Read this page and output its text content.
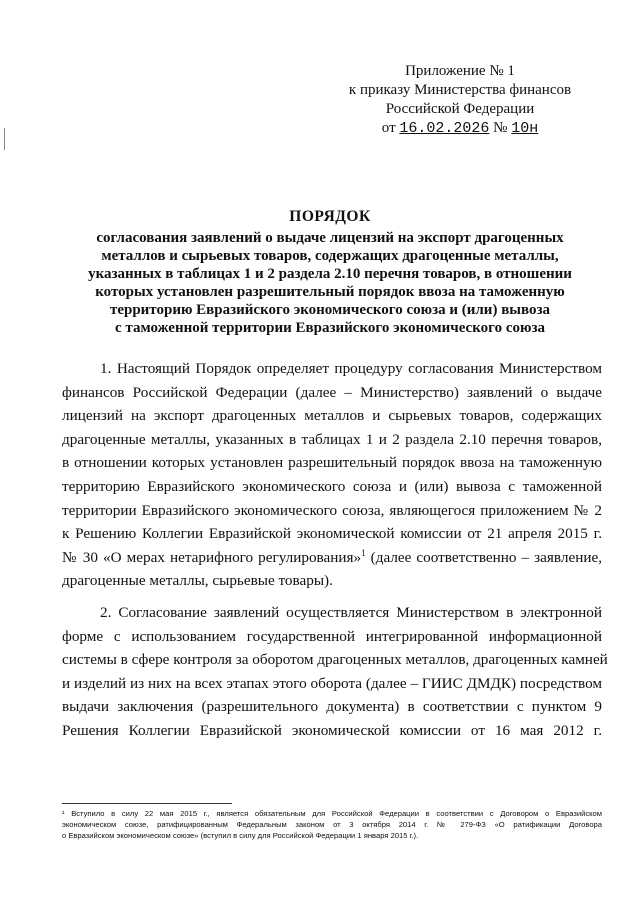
Приложение № 1
к приказу Министерства финансов
Российской Федерации
от 16.02.2026 № 10н
ПОРЯДОК
согласования заявлений о выдаче лицензий на экспорт драгоценных
металлов и сырьевых товаров, содержащих драгоценные металлы,
указанных в таблицах 1 и 2 раздела 2.10 перечня товаров, в отношении
которых установлен разрешительный порядок ввоза на таможенную
территорию Евразийского экономического союза и (или) вывоза
с таможенной территории Евразийского экономического союза
1. Настоящий Порядок определяет процедуру согласования Министерством
финансов Российской Федерации (далее – Министерство) заявлений о выдаче
лицензий на экспорт драгоценных металлов и сырьевых товаров, содержащих
драгоценные металлы, указанных в таблицах 1 и 2 раздела 2.10 перечня товаров,
в отношении которых установлен разрешительный порядок ввоза на таможенную
территорию Евразийского экономического союза и (или) вывоза с таможенной
территории Евразийского экономического союза, являющегося приложением № 2
к Решению Коллегии Евразийской экономической комиссии от 21 апреля 2015 г.
№ 30 «О мерах нетарифного регулирования»$^1$ (далее соответственно – заявление,
драгоценные металлы, сырьевые товары).
2. Согласование заявлений осуществляется Министерством в электронной
форме с использованием государственной интегрированной информационной
системы в сфере контроля за оборотом драгоценных металлов, драгоценных камней
и изделий из них на всех этапах этого оборота (далее – ГИИС ДМДК) посредством
выдачи заключения (разрешительного документа) в соответствии с пунктом 9
Решения Коллегии Евразийской экономической комиссии от 16 мая 2012 г.
¹ Вступило в силу 22 мая 2015 г., является обязательным для Российской Федерации в соответствии с Договором о Евразийском
экономическом союзе, ратифицированным Федеральным законом от 3 октября 2014 г. № 279-ФЗ «О ратификации Договора
о Евразийском экономическом союзе» (вступил в силу для Российской Федерации 1 января 2015 г.).
